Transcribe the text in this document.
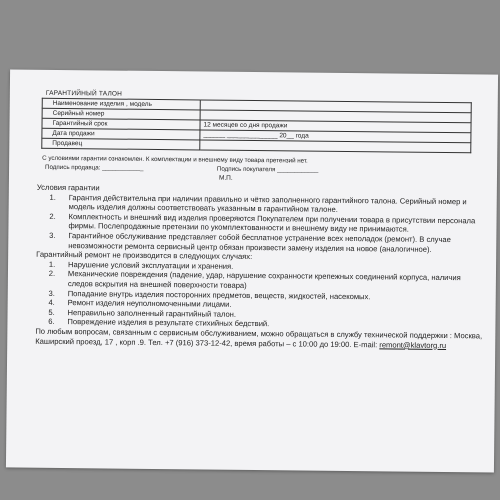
ГАРАНТИЙНЫЙ ТАЛОН
Наименование изделия , модель	
Серийный номер	
Гарантийный срок	12 месяцев со дня продажи
Дата продажи	______ ______________ 20__ года
Продавец	
С условиями гарантии ознакомлен. К комплектации и внешнему виду товара претензий нет.
Подпись продавца: ____________	Подпись покупателя ____________
М.П.

Условия гарантии

1.	Гарантия действительна при наличии правильно и чётко заполненного гарантийного талона. Серийный номер и модель изделия должны соответствовать указанным в гарантийном талоне.
2.	Комплектность и внешний вид изделия проверяются Покупателем при получении товара в присутствии персонала фирмы. Послепродажные претензии по укомплектованности и внешнему виду не принимаются.
3.	Гарантийное обслуживание представляет собой бесплатное устранение всех неполадок (ремонт). В случае невозможности ремонта сервисный центр обязан произвести замену изделия на новое (аналогичное).

Гарантийный ремонт не производится в следующих случаях:

1.	Нарушение условий эксплуатации и хранения.
2.	Механические повреждения (падение, удар, нарушение сохранности крепежных соединений корпуса, наличия следов вскрытия на внешней поверхности товара)
3.	Попадание внутрь изделия посторонних предметов, веществ, жидкостей, насекомых.
4.	Ремонт изделия неуполномоченными лицами.
5.	Неправильно заполненный гарантийный талон.
6.	Повреждение изделия в результате стихийных бедствий.

По любым вопросам, связанным с сервисным обслуживанием, можно обращаться в службу технической поддержки : Москва, Каширский проезд, 17 , корп .9. Тел. +7 (916) 373-12-42, время работы – с 10:00 до 19:00. E-mail: remont@klavtorg.ru
